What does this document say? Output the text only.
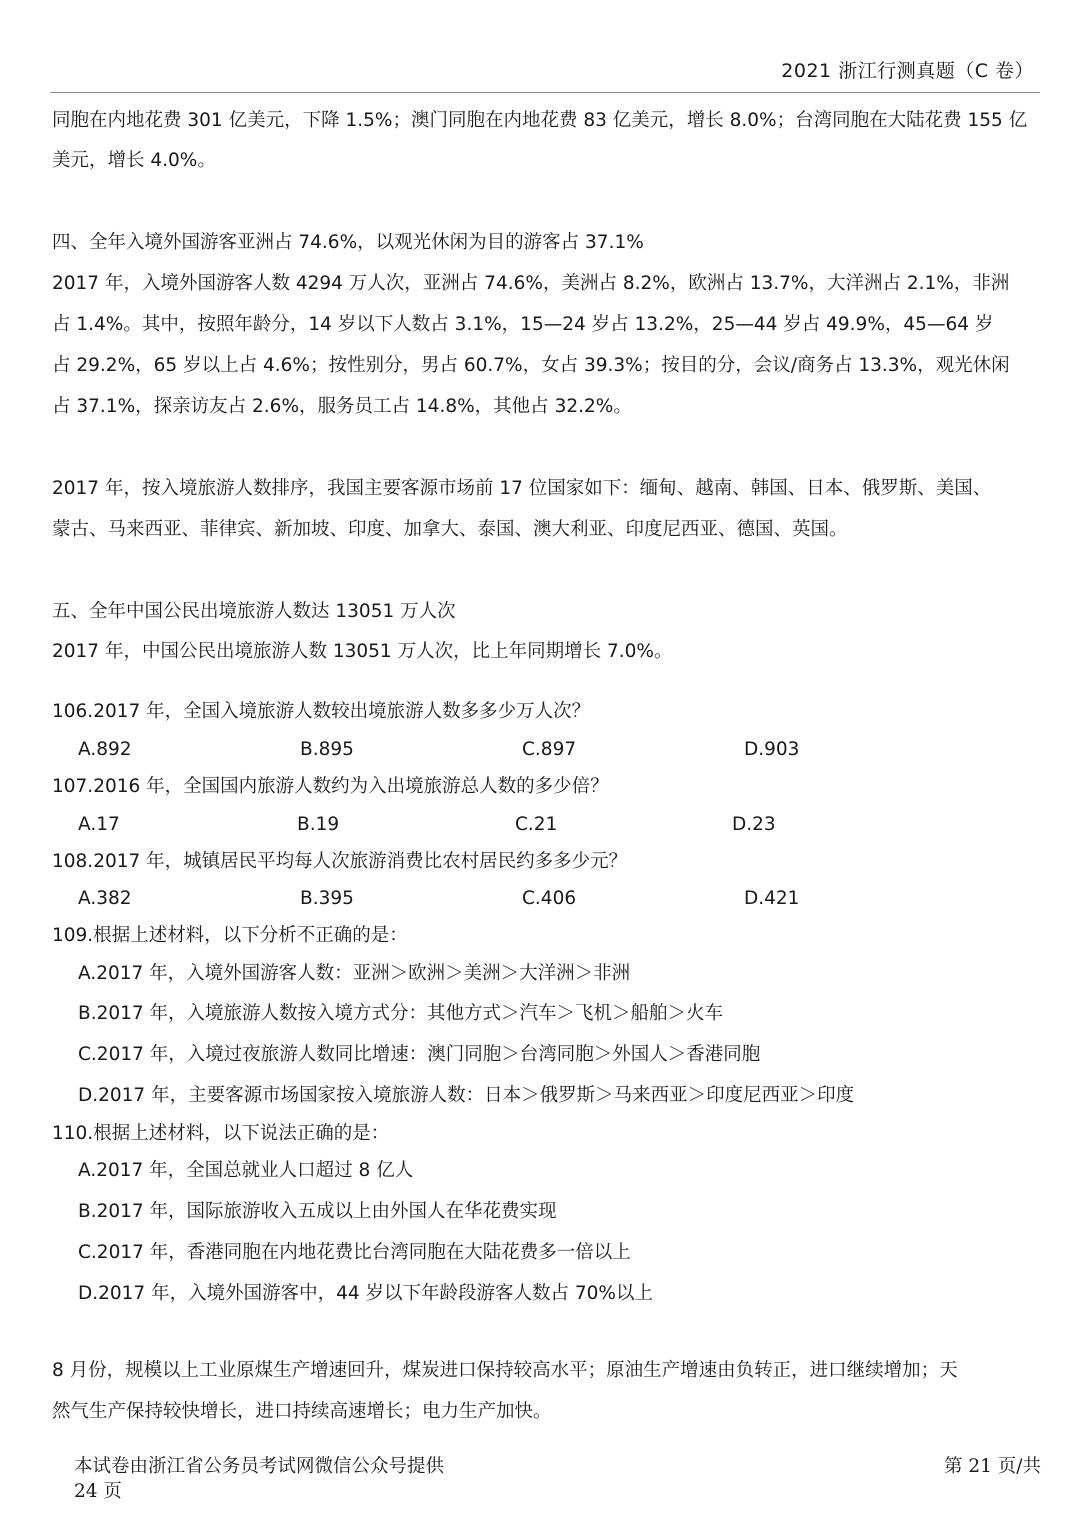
2021 浙江行测真题（C 卷）
同胞在内地花费 301 亿美元，下降 1.5%；澳门同胞在内地花费 83 亿美元，增长 8.0%；台湾同胞在大陆花费 155 亿
美元，增长 4.0%。
四、全年入境外国游客亚洲占 74.6%，以观光休闲为目的游客占 37.1%
2017 年，入境外国游客人数 4294 万人次，亚洲占 74.6%，美洲占 8.2%，欧洲占 13.7%，大洋洲占 2.1%，非洲
占 1.4%。其中，按照年龄分，14 岁以下人数占 3.1%，15—24 岁占 13.2%，25—44 岁占 49.9%，45—64 岁
占 29.2%，65 岁以上占 4.6%；按性别分，男占 60.7%，女占 39.3%；按目的分，会议/商务占 13.3%，观光休闲
占 37.1%，探亲访友占 2.6%，服务员工占 14.8%，其他占 32.2%。
2017 年，按入境旅游人数排序，我国主要客源市场前 17 位国家如下：缅甸、越南、韩国、日本、俄罗斯、美国、
蒙古、马来西亚、菲律宾、新加坡、印度、加拿大、泰国、澳大利亚、印度尼西亚、德国、英国。
五、全年中国公民出境旅游人数达 13051 万人次
2017 年，中国公民出境旅游人数 13051 万人次，比上年同期增长 7.0%。
106.2017 年，全国入境旅游人数较出境旅游人数多多少万人次？
A.892	B.895	C.897	D.903
107.2016 年，全国国内旅游人数约为入出境旅游总人数的多少倍？
A.17	B.19	C.21	D.23
108.2017 年，城镇居民平均每人次旅游消费比农村居民约多多少元？
A.382	B.395	C.406	D.421
109.根据上述材料，以下分析不正确的是：
A.2017 年，入境外国游客人数：亚洲＞欧洲＞美洲＞大洋洲＞非洲
B.2017 年，入境旅游人数按入境方式分：其他方式＞汽车＞飞机＞船舶＞火车
C.2017 年，入境过夜旅游人数同比增速：澳门同胞＞台湾同胞＞外国人＞香港同胞
D.2017 年，主要客源市场国家按入境旅游人数：日本＞俄罗斯＞马来西亚＞印度尼西亚＞印度
110.根据上述材料，以下说法正确的是：
A.2017 年，全国总就业人口超过 8 亿人
B.2017 年，国际旅游收入五成以上由外国人在华花费实现
C.2017 年，香港同胞在内地花费比台湾同胞在大陆花费多一倍以上
D.2017 年，入境外国游客中，44 岁以下年龄段游客人数占 70%以上
8 月份，规模以上工业原煤生产增速回升，煤炭进口保持较高水平；原油生产增速由负转正，进口继续增加；天
然气生产保持较快增长，进口持续高速增长；电力生产加快。
本试卷由浙江省公务员考试网微信公众号提供
24 页
第 21 页/共
